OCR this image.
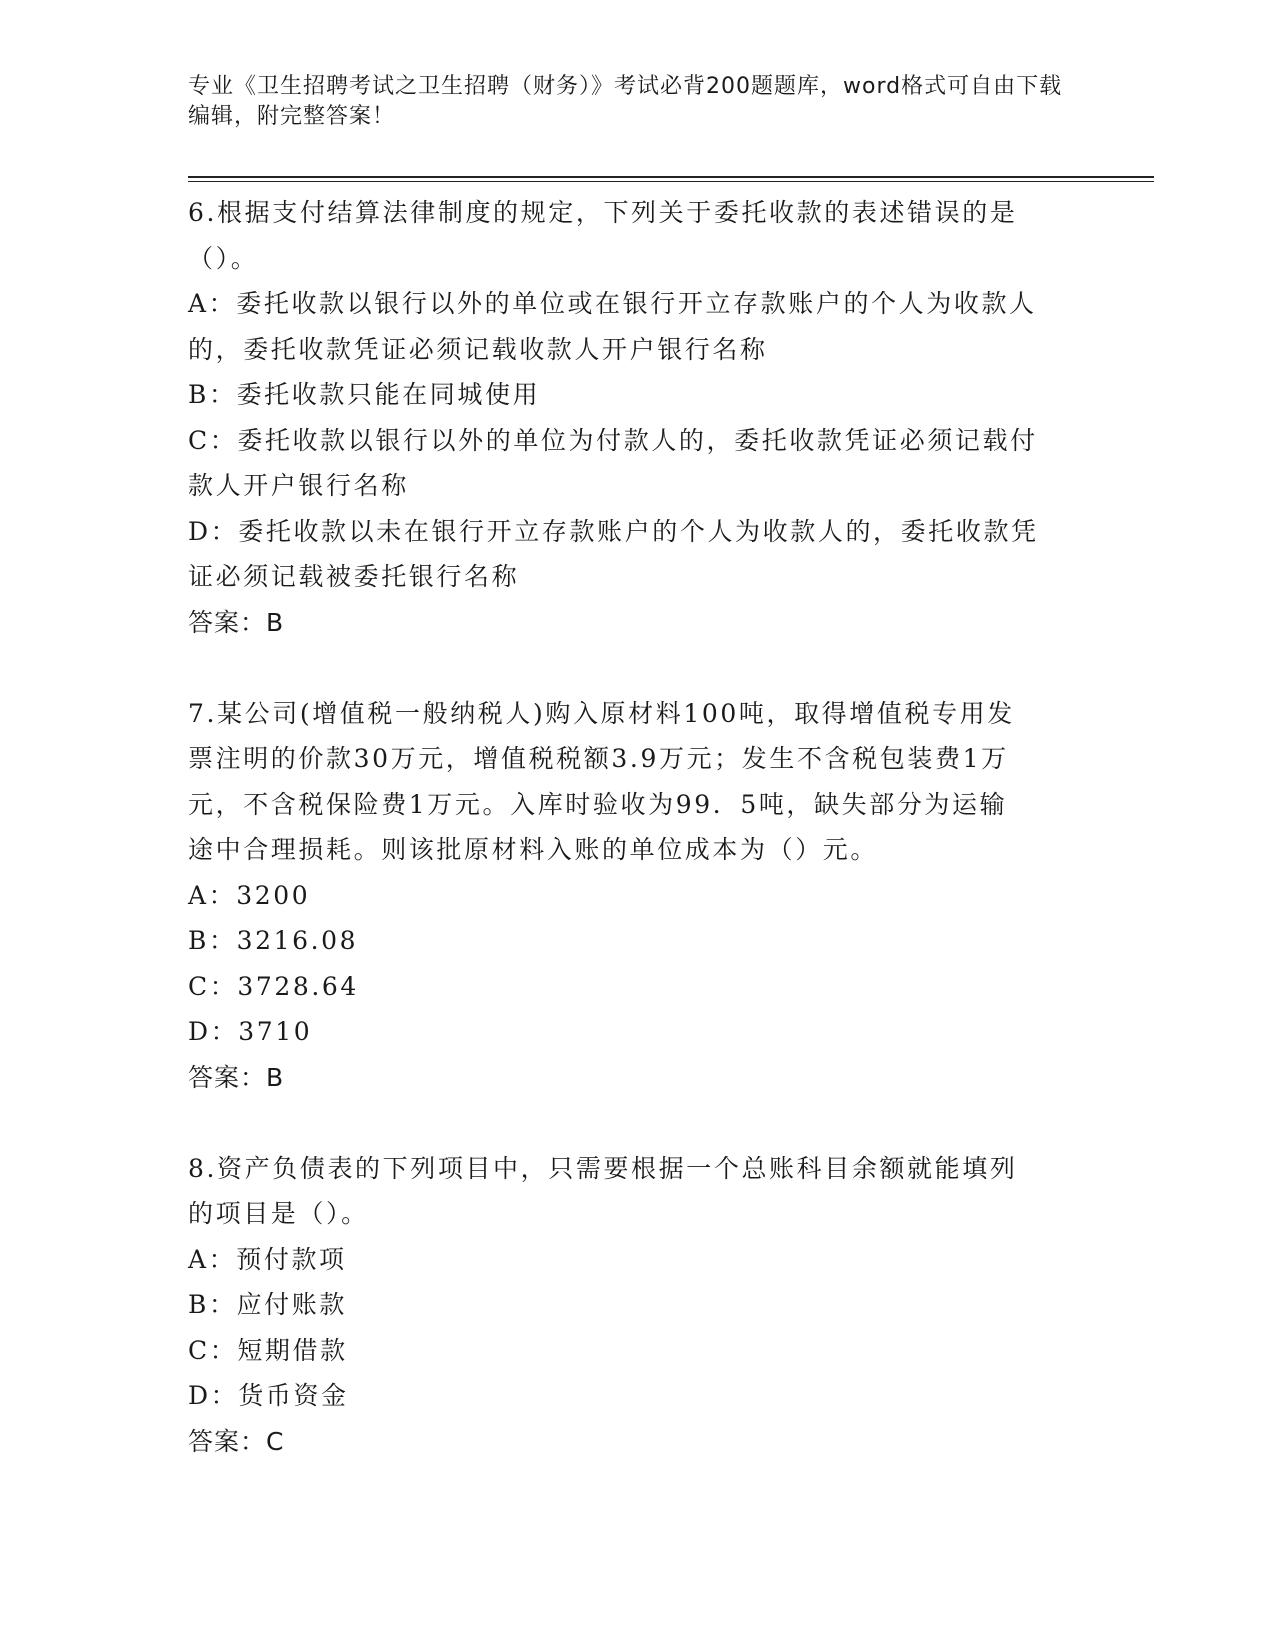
专业《卫生招聘考试之卫生招聘（财务）》考试必背200题题库，word格式可自由下载编辑，附完整答案！

6.根据支付结算法律制度的规定，下列关于委托收款的表述错误的是

（）。

A：委托收款以银行以外的单位或在银行开立存款账户的个人为收款人

的，委托收款凭证必须记载收款人开户银行名称

B：委托收款只能在同城使用

C：委托收款以银行以外的单位为付款人的，委托收款凭证必须记载付

款人开户银行名称

D：委托收款以未在银行开立存款账户的个人为收款人的，委托收款凭

证必须记载被委托银行名称

答案：B

7.某公司(增值税一般纳税人)购入原材料100吨，取得增值税专用发

票注明的价款30万元，增值税税额3.9万元；发生不含税包装费1万

元，不含税保险费1万元。入库时验收为99．5吨，缺失部分为运输

途中合理损耗。则该批原材料入账的单位成本为（）元。

A：3200

B：3216.08

C：3728.64

D：3710

答案：B

8.资产负债表的下列项目中，只需要根据一个总账科目余额就能填列

的项目是（）。

A：预付款项

B：应付账款

C：短期借款

D：货币资金

答案：C
